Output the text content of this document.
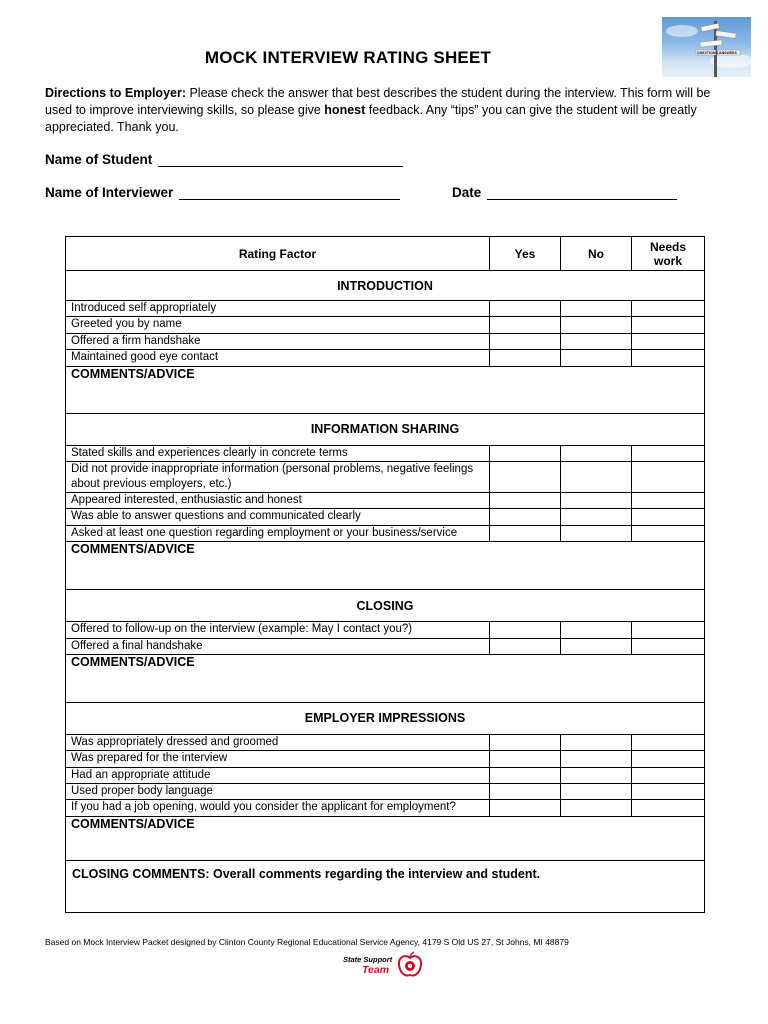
MOCK INTERVIEW RATING SHEET	QUESTIONS ANSWERS
Directions to Employer: Please check the answer that best describes the student during the interview. This form will be used to improve interviewing skills, so please give honest feedback. Any “tips” you can give the student will be greatly appreciated. Thank you.
Name of Student
Name of Interviewer	Date
Rating Factor	Yes	No	Needs work
INTRODUCTION			
Introduced self appropriately			
Greeted you by name			
Offered a firm handshake			
Maintained good eye contact			
COMMENTS/ADVICE			
INFORMATION SHARING			
Stated skills and experiences clearly in concrete terms			
Did not provide inappropriate information (personal problems, negative feelings about previous employers, etc.)			
Appeared interested, enthusiastic and honest			
Was able to answer questions and communicated clearly			
Asked at least one question regarding employment or your business/service			
COMMENTS/ADVICE			
CLOSING			
Offered to follow-up on the interview (example: May I contact you?)			
Offered a final handshake			
COMMENTS/ADVICE			
EMPLOYER IMPRESSIONS			
Was appropriately dressed and groomed			
Was prepared for the interview			
Had an appropriate attitude			
Used proper body language			
If you had a job opening, would you consider the applicant for employment?			
COMMENTS/ADVICE			
CLOSING COMMENTS: Overall comments regarding the interview and student.			
Based on Mock Interview Packet designed by Clinton County Regional Educational Service Agency, 4179 S Old US 27, St Johns, MI 48879
State Support
Team
